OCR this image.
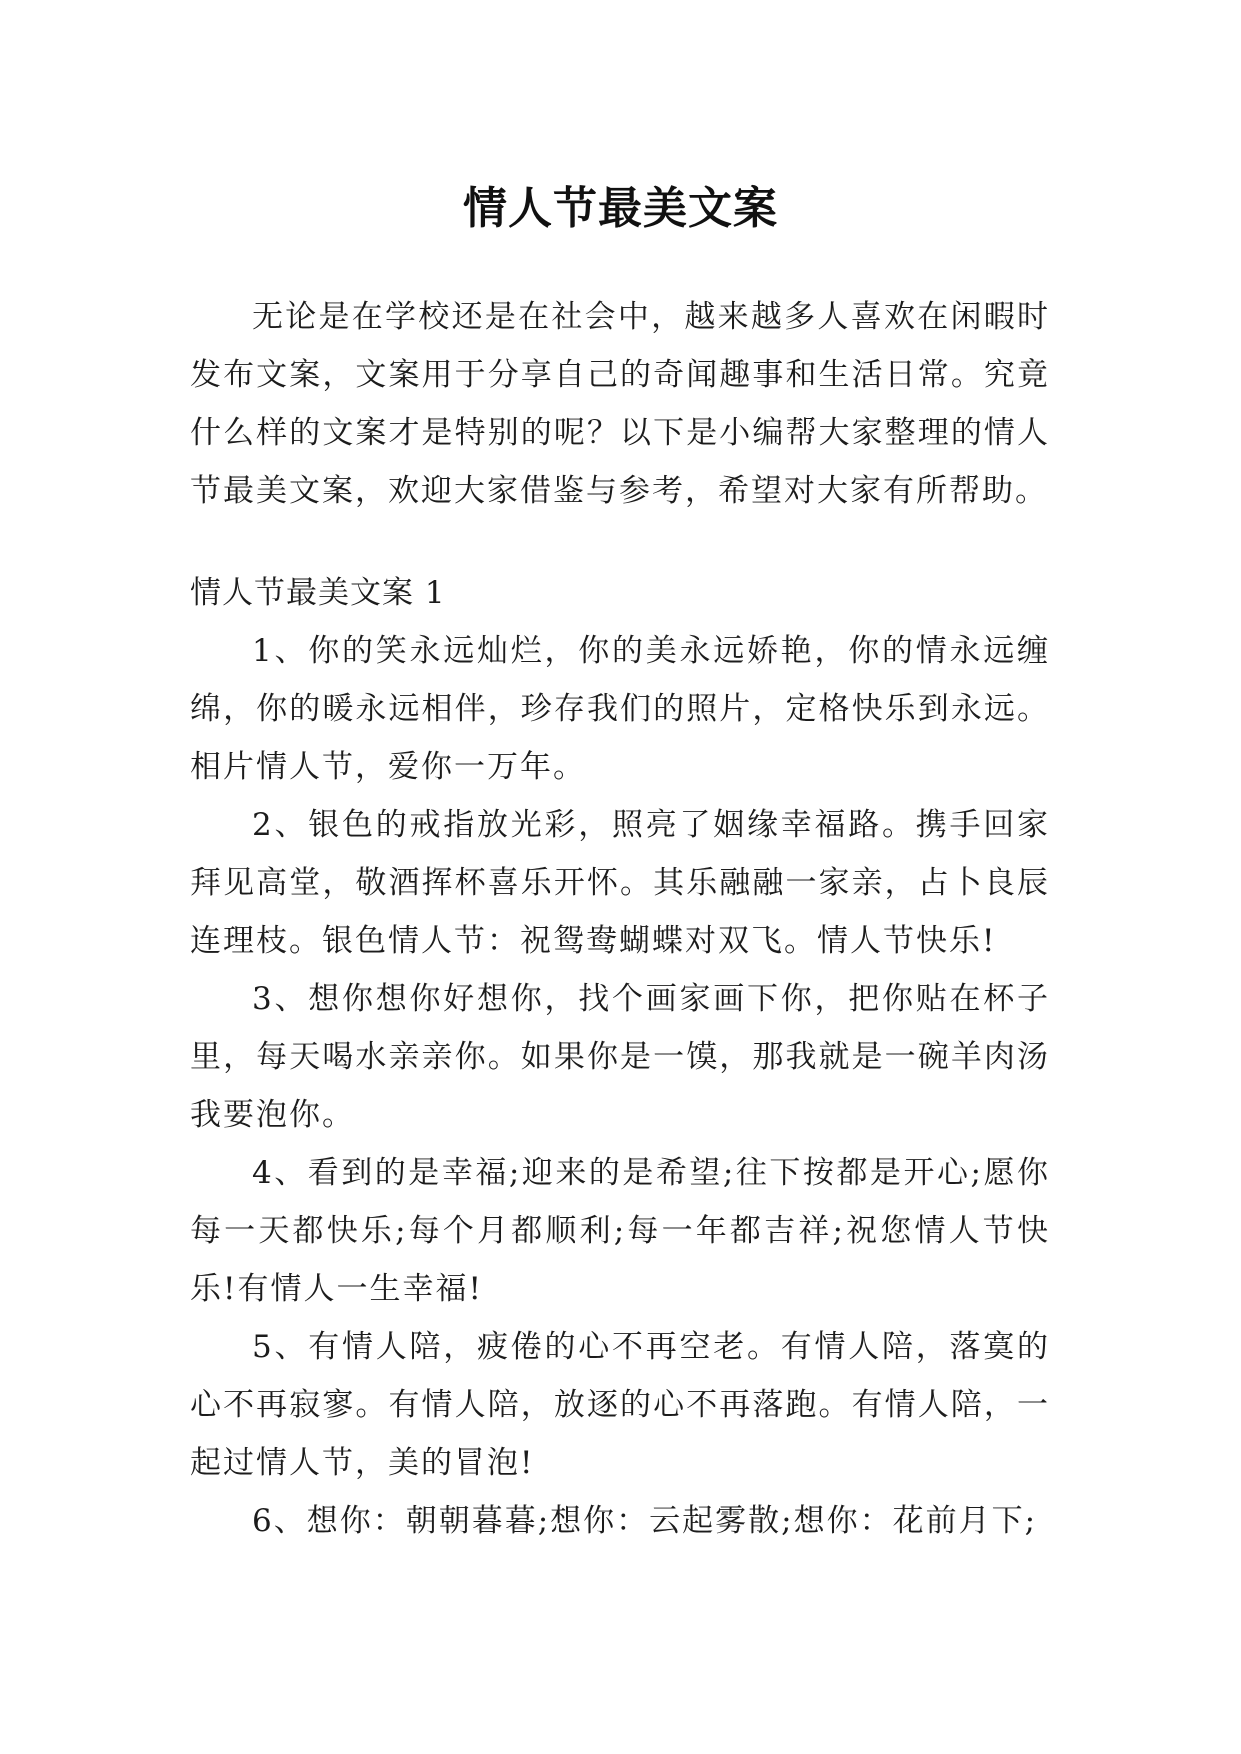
情人节最美文案

无论是在学校还是在社会中，越来越多人喜欢在闲暇时发布文案，文案用于分享自己的奇闻趣事和生活日常。究竟什么样的文案才是特别的呢？以下是小编帮大家整理的情人节最美文案，欢迎大家借鉴与参考，希望对大家有所帮助。

情人节最美文案 1

1、你的笑永远灿烂，你的美永远娇艳，你的情永远缠绵，你的暖永远相伴，珍存我们的照片，定格快乐到永远。相片情人节，爱你一万年。

2、银色的戒指放光彩，照亮了姻缘幸福路。携手回家拜见高堂，敬酒挥杯喜乐开怀。其乐融融一家亲，占卜良辰连理枝。银色情人节：祝鸳鸯蝴蝶对双飞。情人节快乐!

3、想你想你好想你，找个画家画下你，把你贴在杯子里，每天喝水亲亲你。如果你是一馍，那我就是一碗羊肉汤我要泡你。

4、看到的是幸福;迎来的是希望;往下按都是开心;愿你每一天都快乐;每个月都顺利;每一年都吉祥;祝您情人节快乐!有情人一生幸福!

5、有情人陪，疲倦的心不再空老。有情人陪，落寞的心不再寂寥。有情人陪，放逐的心不再落跑。有情人陪，一起过情人节，美的冒泡!

6、想你：朝朝暮暮;想你：云起雾散;想你：花前月下;
